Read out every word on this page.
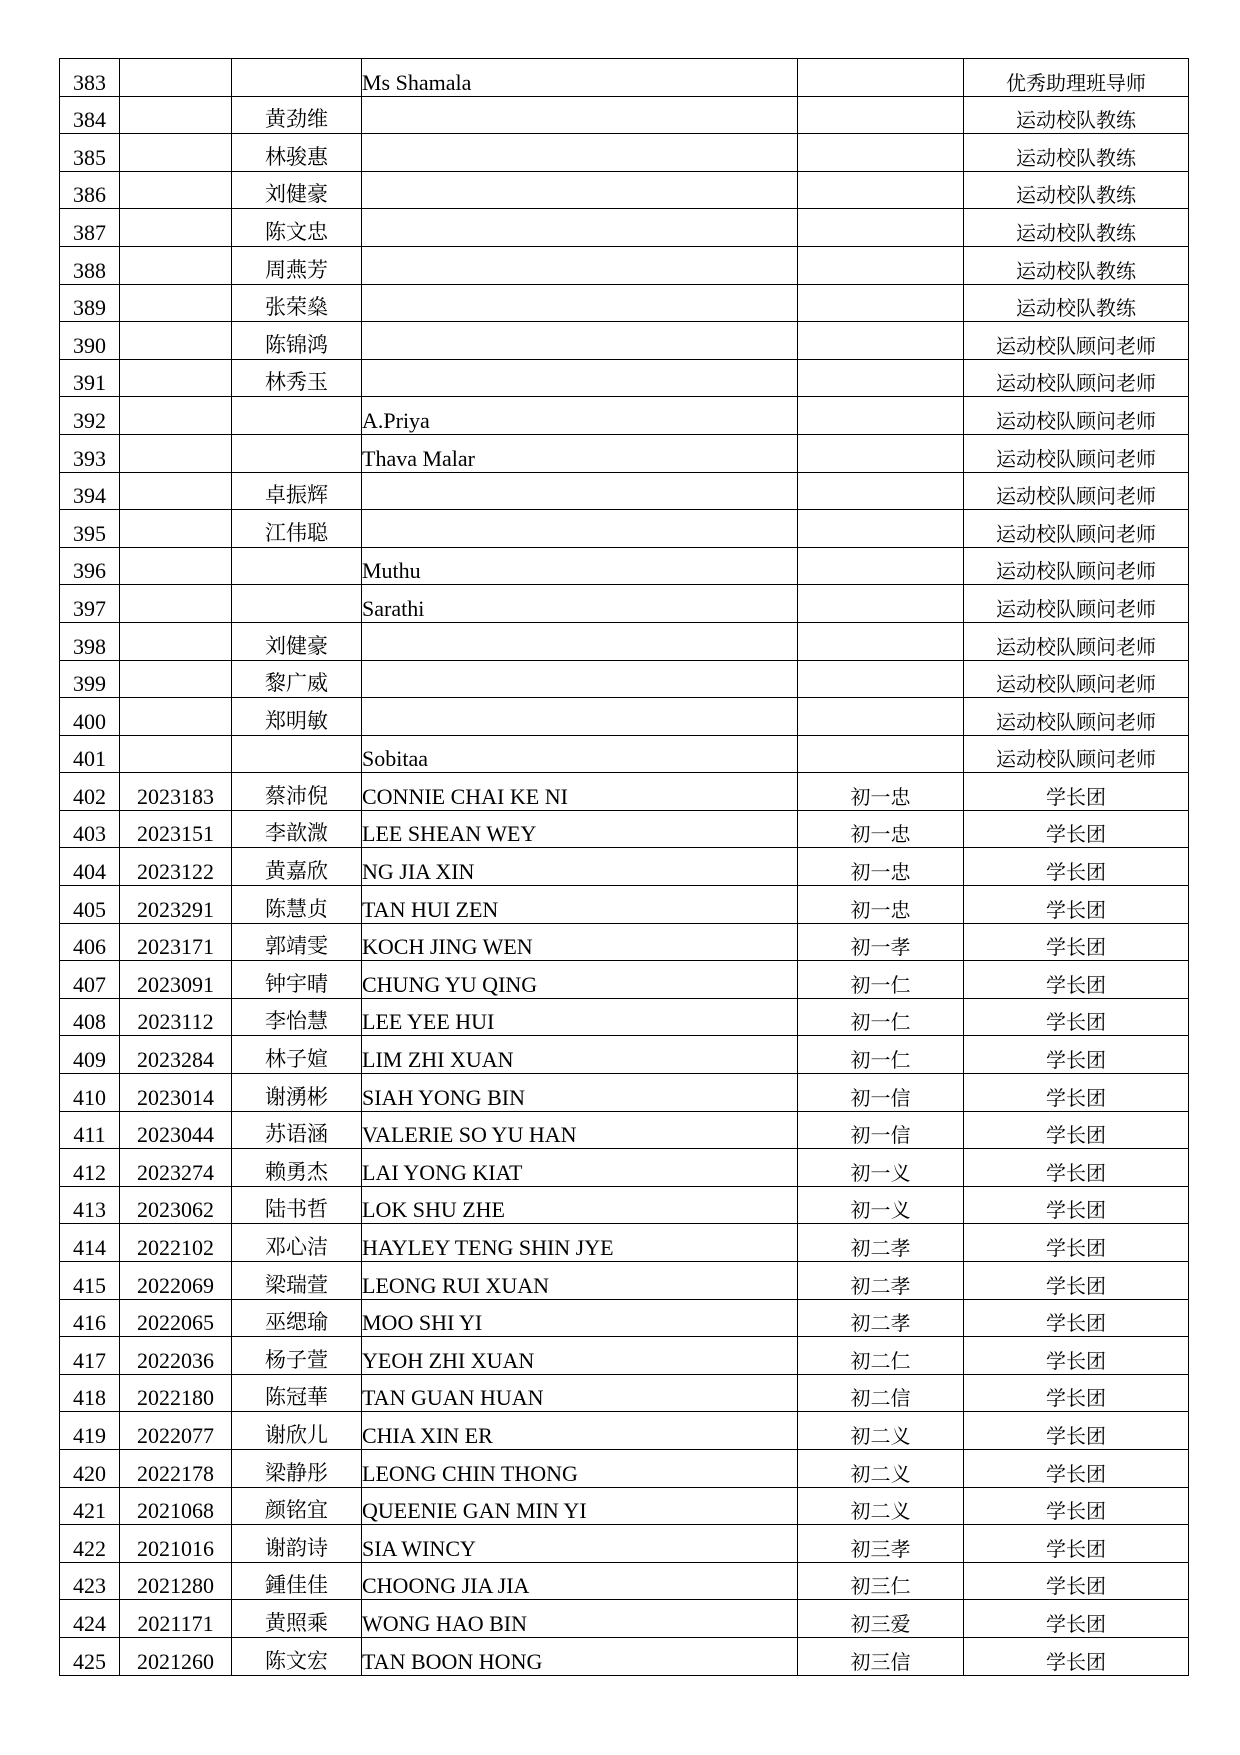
383			Ms Shamala		优秀助理班导师
384		黄劲维			运动校队教练
385		林骏惠			运动校队教练
386		刘健豪			运动校队教练
387		陈文忠			运动校队教练
388		周燕芳			运动校队教练
389		张荣燊			运动校队教练
390		陈锦鸿			运动校队顾问老师
391		林秀玉			运动校队顾问老师
392			A.Priya		运动校队顾问老师
393			Thava Malar		运动校队顾问老师
394		卓振辉			运动校队顾问老师
395		江伟聪			运动校队顾问老师
396			Muthu		运动校队顾问老师
397			Sarathi		运动校队顾问老师
398		刘健豪			运动校队顾问老师
399		黎广威			运动校队顾问老师
400		郑明敏			运动校队顾问老师
401			Sobitaa		运动校队顾问老师
402	2023183	蔡沛倪	CONNIE CHAI KE NI	初一忠	学长团
403	2023151	李歆溦	LEE SHEAN WEY	初一忠	学长团
404	2023122	黄嘉欣	NG JIA XIN	初一忠	学长团
405	2023291	陈慧贞	TAN HUI ZEN	初一忠	学长团
406	2023171	郭靖雯	KOCH JING WEN	初一孝	学长团
407	2023091	钟宇晴	CHUNG YU QING	初一仁	学长团
408	2023112	李怡慧	LEE YEE HUI	初一仁	学长团
409	2023284	林子媗	LIM ZHI XUAN	初一仁	学长团
410	2023014	谢湧彬	SIAH YONG BIN	初一信	学长团
411	2023044	苏语涵	VALERIE SO YU HAN	初一信	学长团
412	2023274	赖勇杰	LAI YONG KIAT	初一义	学长团
413	2023062	陆书哲	LOK SHU ZHE	初一义	学长团
414	2022102	邓心洁	HAYLEY TENG SHIN JYE	初二孝	学长团
415	2022069	梁瑞萱	LEONG RUI XUAN	初二孝	学长团
416	2022065	巫缌瑜	MOO SHI YI	初二孝	学长团
417	2022036	杨子萱	YEOH ZHI XUAN	初二仁	学长团
418	2022180	陈冠華	TAN GUAN HUAN	初二信	学长团
419	2022077	谢欣儿	CHIA XIN ER	初二义	学长团
420	2022178	梁静彤	LEONG CHIN THONG	初二义	学长团
421	2021068	颜铭宜	QUEENIE GAN MIN YI	初二义	学长团
422	2021016	谢韵诗	SIA WINCY	初三孝	学长团
423	2021280	鍾佳佳	CHOONG JIA JIA	初三仁	学长团
424	2021171	黄照乘	WONG HAO BIN	初三爱	学长团
425	2021260	陈文宏	TAN BOON HONG	初三信	学长团
